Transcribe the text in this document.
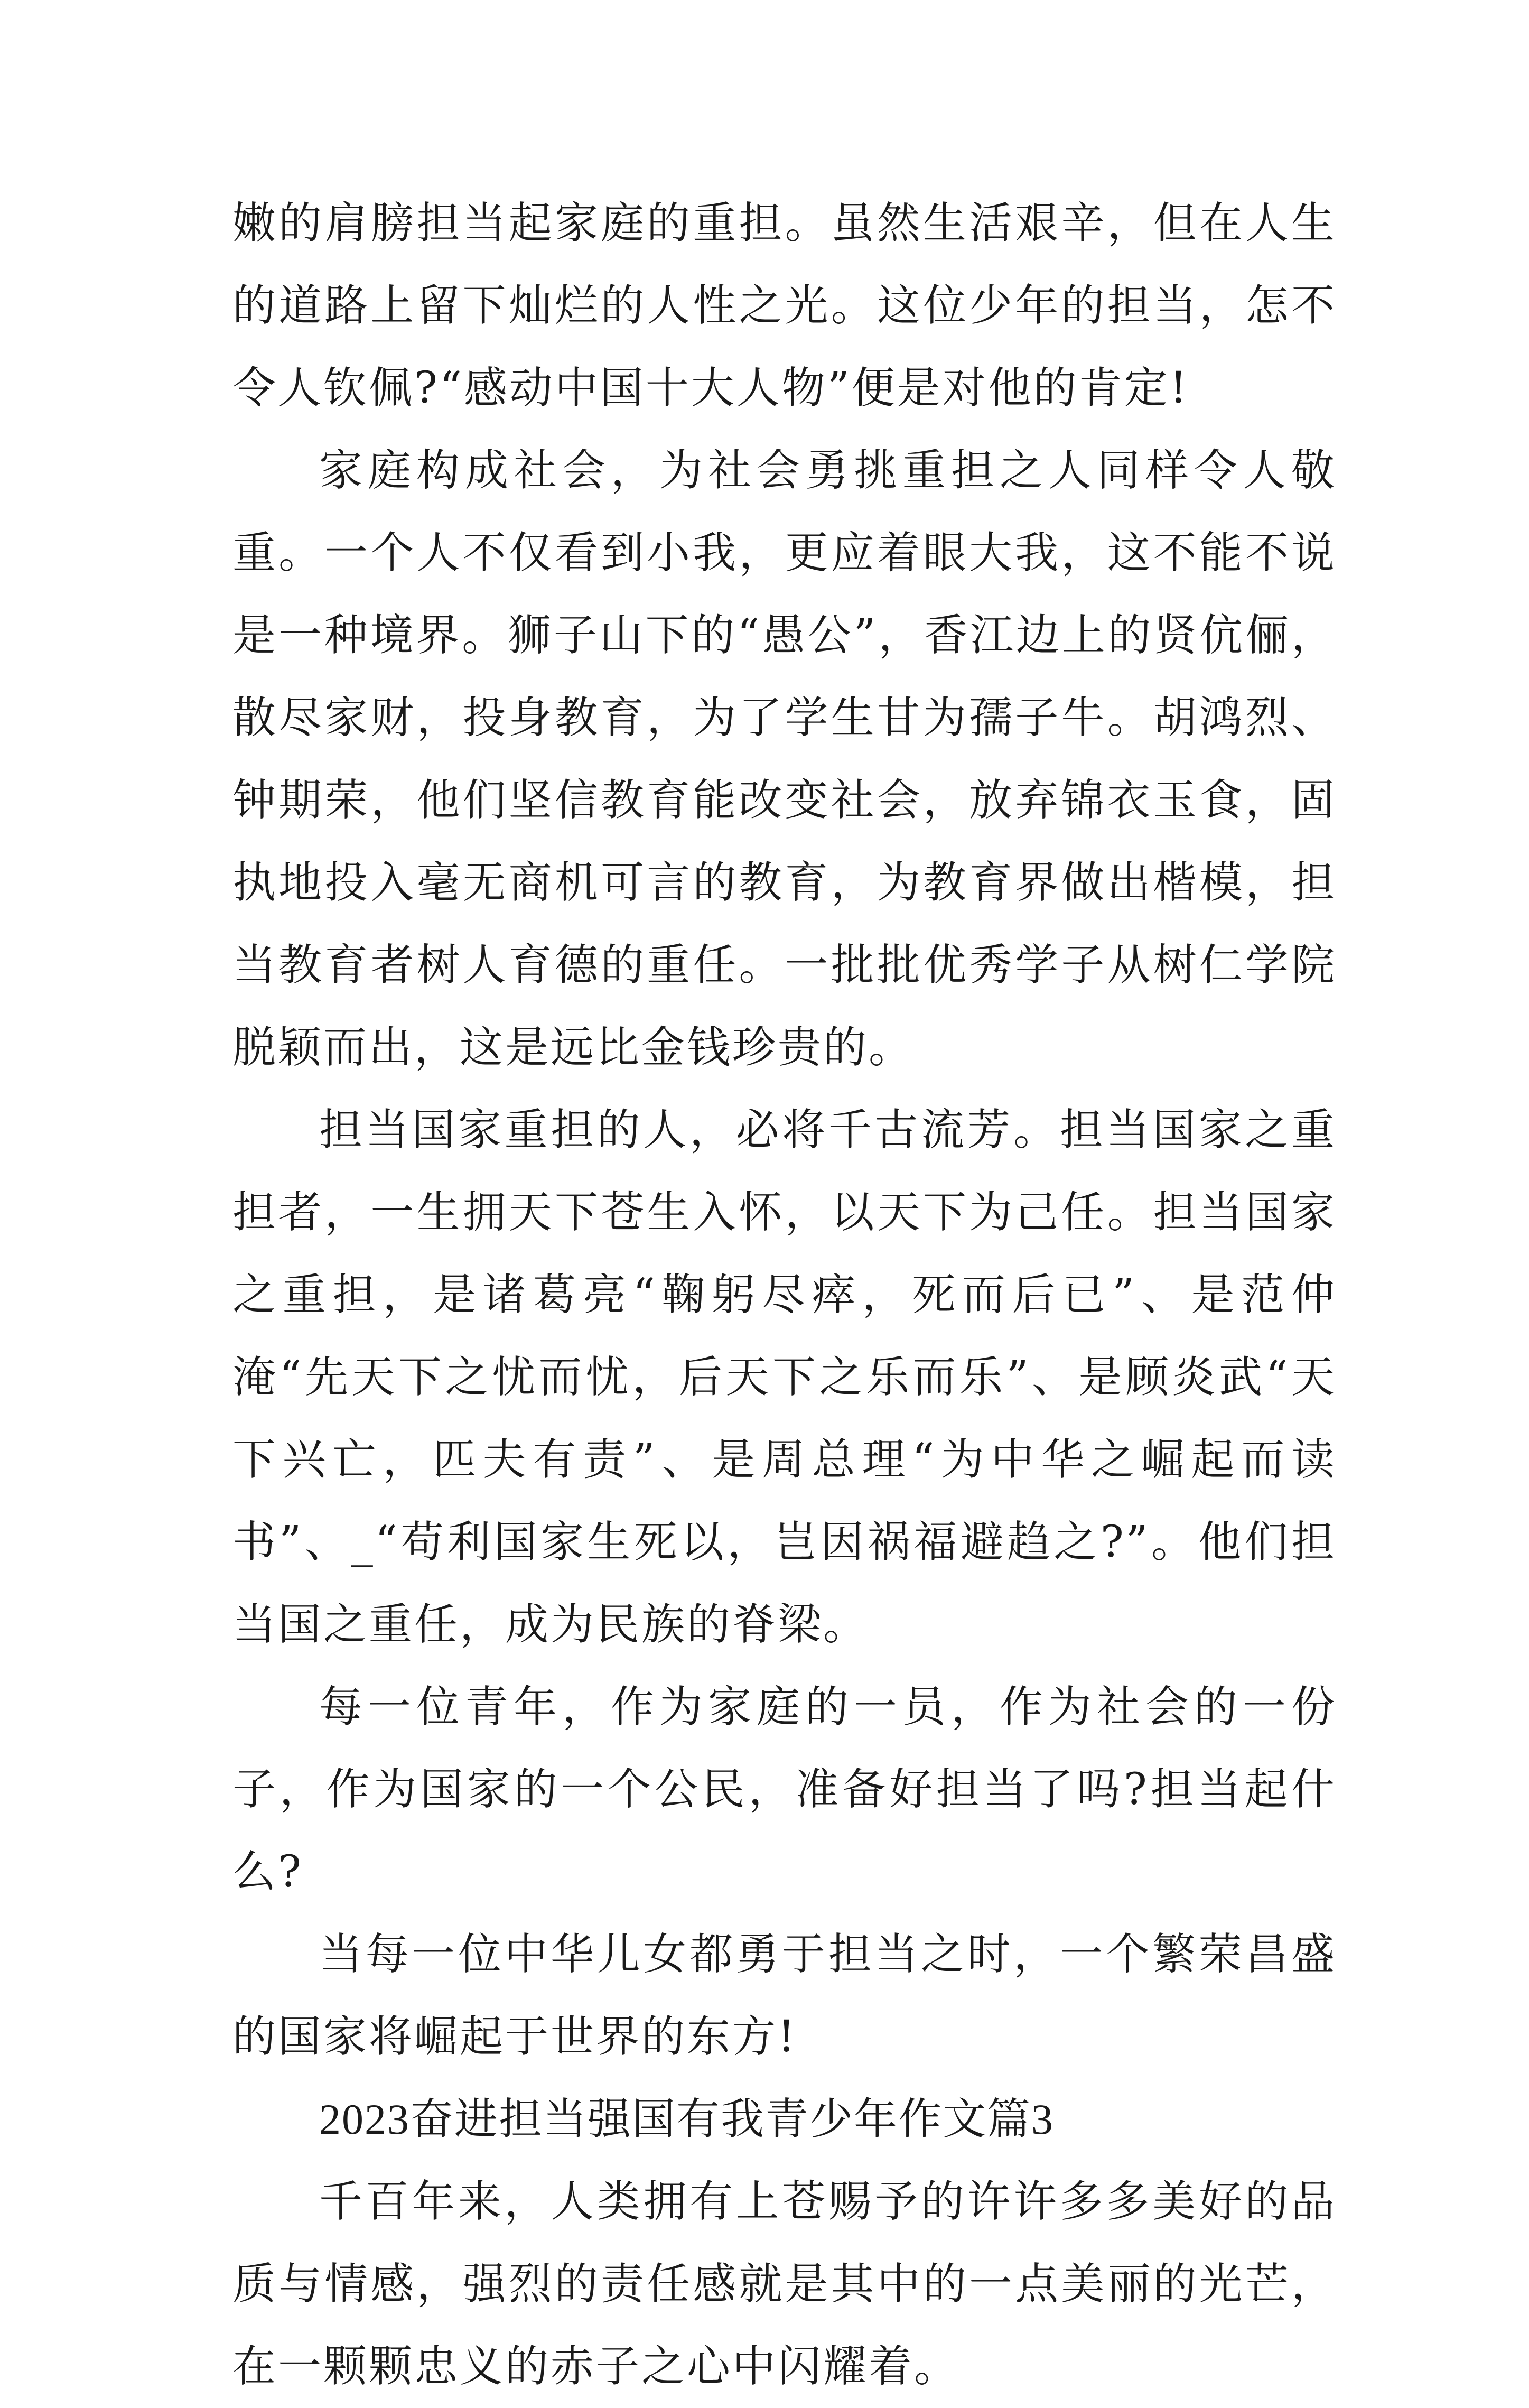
嫩的肩膀担当起家庭的重担。虽然生活艰辛，但在人生的道路上留下灿烂的人性之光。这位少年的担当，怎不令人钦佩?“感动中国十大人物”便是对他的肯定!

家庭构成社会，为社会勇挑重担之人同样令人敬重。一个人不仅看到小我，更应着眼大我，这不能不说是一种境界。狮子山下的“愚公”，香江边上的贤伉俪，散尽家财，投身教育，为了学生甘为孺子牛。胡鸿烈、钟期荣，他们坚信教育能改变社会，放弃锦衣玉食，固执地投入毫无商机可言的教育，为教育界做出楷模，担当教育者树人育德的重任。一批批优秀学子从树仁学院脱颖而出，这是远比金钱珍贵的。

担当国家重担的人，必将千古流芳。担当国家之重担者，一生拥天下苍生入怀，以天下为己任。担当国家之重担，是诸葛亮“鞠躬尽瘁，死而后已”、是范仲淹“先天下之忧而忧，后天下之乐而乐”、是顾炎武“天下兴亡，匹夫有责”、是周总理“为中华之崛起而读书”、_“苟利国家生死以，岂因祸福避趋之?”。他们担当国之重任，成为民族的脊梁。

每一位青年，作为家庭的一员，作为社会的一份子，作为国家的一个公民，准备好担当了吗?担当起什么?

当每一位中华儿女都勇于担当之时，一个繁荣昌盛的国家将崛起于世界的东方!

2023奋进担当强国有我青少年作文篇3

千百年来，人类拥有上苍赐予的许许多多美好的品质与情感，强烈的责任感就是其中的一点美丽的光芒，在一颗颗忠义的赤子之心中闪耀着。
